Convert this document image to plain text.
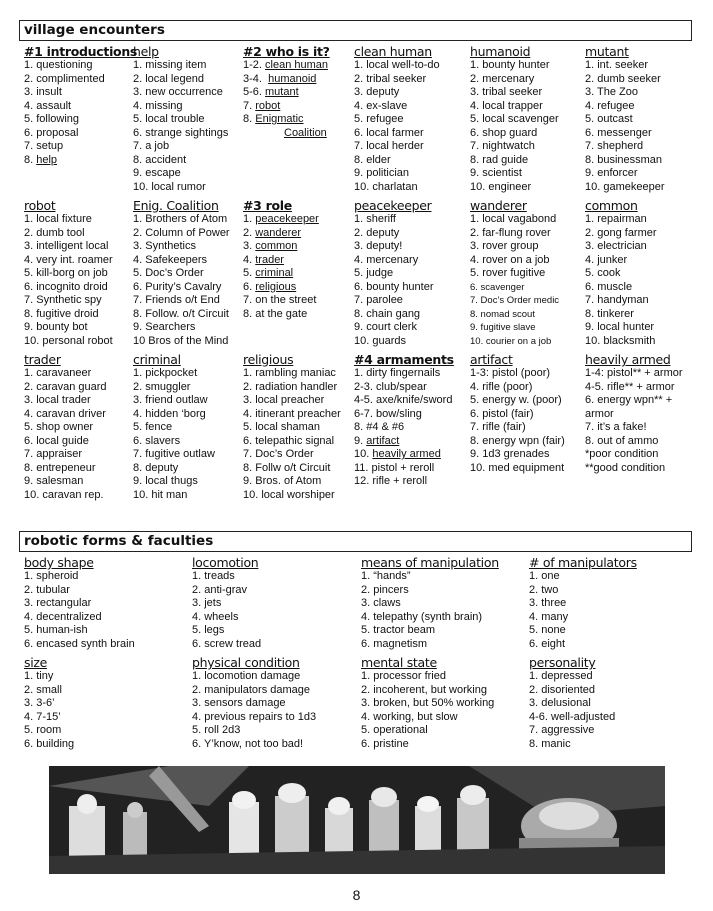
village encounters
#1 introductions
1. questioning
2. complimented
3. insult
4. assault
5. following
6. proposal
7. setup
8. help
help
1. missing item
2. local legend
3. new occurrence
4. missing
5. local trouble
6. strange sightings
7. a job
8. accident
9. escape
10. local rumor
#2 who is it?
1-2. clean human
3-4.  humanoid
5-6. mutant
7. robot
8. Enigmatic
Coalition
clean human
1. local well-to-do
2. tribal seeker
3. deputy
4. ex-slave
5. refugee
6. local farmer
7. local herder
8. elder
9. politician
10. charlatan
humanoid
1. bounty hunter
2. mercenary
3. tribal seeker
4. local trapper
5. local scavenger
6. shop guard
7. nightwatch
8. rad guide
9. scientist
10. engineer
mutant
1. int. seeker
2. dumb seeker
3. The Zoo
4. refugee
5. outcast
6. messenger
7. shepherd
8. businessman
9. enforcer
10. gamekeeper
robot
1. local fixture
2. dumb tool
3. intelligent local
4. very int. roamer
5. kill-borg on job
6. incognito droid
7. Synthetic spy
8. fugitive droid
9. bounty bot
10. personal robot
Enig. Coalition
1. Brothers of Atom
2. Column of Power
3. Synthetics
4. Safekeepers
5. Doc’s Order
6. Purity’s Cavalry
7. Friends o/t End
8. Follow. o/t Circuit
9. Searchers
10 Bros of the Mind
#3 role
1. peacekeeper
2. wanderer
3. common
4. trader
5. criminal
6. religious
7. on the street
8. at the gate
peacekeeper
1. sheriff
2. deputy
3. deputy!
4. mercenary
5. judge
6. bounty hunter
7. parolee
8. chain gang
9. court clerk
10. guards
wanderer
1. local vagabond
2. far-flung rover
3. rover group
4. rover on a job
5. rover fugitive
6. scavenger
7. Doc’s Order medic
8. nomad scout
9. fugitive slave
10. courier on a job
common
1. repairman
2. gong farmer
3. electrician
4. junker
5. cook
6. muscle
7. handyman
8. tinkerer
9. local hunter
10. blacksmith
trader
1. caravaneer
2. caravan guard
3. local trader
4. caravan driver
5. shop owner
6. local guide
7. appraiser
8. entrepeneur
9. salesman
10. caravan rep.
criminal
1. pickpocket
2. smuggler
3. friend outlaw
4. hidden ‘borg
5. fence
6. slavers
7. fugitive outlaw
8. deputy
9. local thugs
10. hit man
religious
1. rambling maniac
2. radiation handler
3. local preacher
4. itinerant preacher
5. local shaman
6. telepathic signal
7. Doc’s Order
8. Follw o/t Circuit
9. Bros. of Atom
10. local worshiper
#4 armaments
1. dirty fingernails
2-3. club/spear
4-5. axe/knife/sword
6-7. bow/sling
8. #4 & #6
9. artifact
10. heavily armed
11. pistol + reroll
12. rifle + reroll
artifact
1-3: pistol (poor)
4. rifle (poor)
5. energy w. (poor)
6. pistol (fair)
7. rifle (fair)
8. energy wpn (fair)
9. 1d3 grenades
10. med equipment
heavily armed
1-4: pistol** + armor
4-5. rifle** + armor
6. energy wpn** +
armor
7. it’s a fake!
8. out of ammo
*poor condition
**good condition
robotic forms & faculties
body shape
1. spheroid
2. tubular
3. rectangular
4. decentralized
5. human-ish
6. encased synth brain
locomotion
1. treads
2. anti-grav
3. jets
4. wheels
5. legs
6. screw tread
means of manipulation
1. “hands”
2. pincers
3. claws
4. telepathy (synth brain)
5. tractor beam
6. magnetism
# of manipulators
1. one
2. two
3. three
4. many
5. none
6. eight
size
1. tiny
2. small
3. 3-6’
4. 7-15’
5. room
6. building
physical condition
1. locomotion damage
2. manipulators damage
3. sensors damage
4. previous repairs to 1d3
5. roll 2d3
6. Y’know, not too bad!
mental state
1. processor fried
2. incoherent, but working
3. broken, but 50% working
4. working, but slow
5. operational
6. pristine
personality
1. depressed
2. disoriented
3. delusional
4-6. well-adjusted
7. aggressive
8. manic
8
